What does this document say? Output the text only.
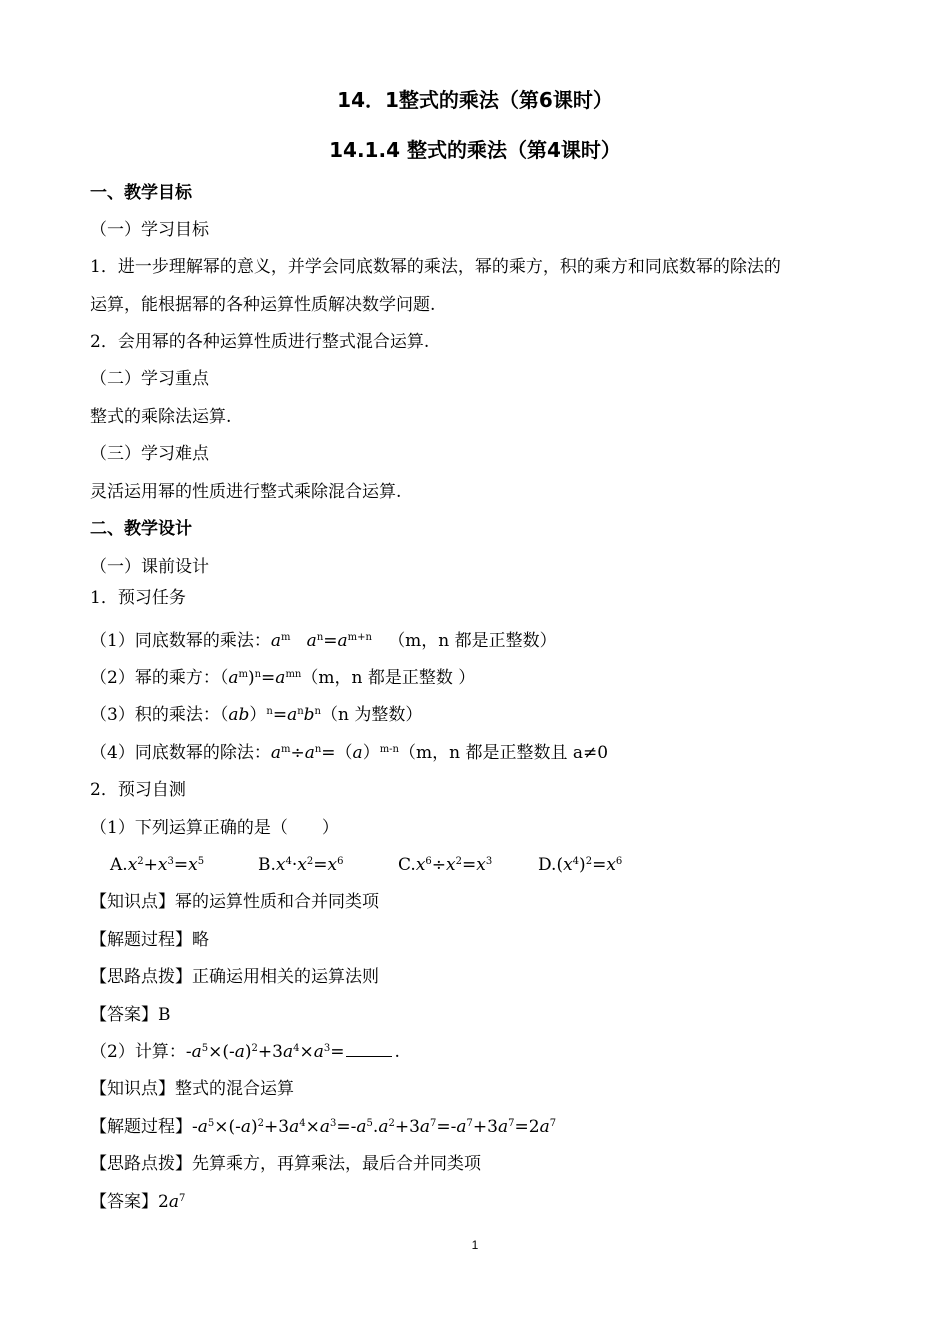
14．1整式的乘法（第6课时）
14.1.4 整式的乘法（第4课时）
一、教学目标
（一）学习目标
1．进一步理解幂的意义，并学会同底数幂的乘法，幂的乘方，积的乘方和同底数幂的除法的
运算，能根据幂的各种运算性质解决数学问题.
2．会用幂的各种运算性质进行整式混合运算.
（二）学习重点
整式的乘除法运算.
（三）学习难点
灵活运用幂的性质进行整式乘除混合运算.
二、教学设计
（一）课前设计
1．预习任务
（1）同底数幂的乘法：$a^m$ $a^n=a^{m+n}$ （m，n 都是正整数）
（2）幂的乘方：$(a^m)^n=a^{mn}(m$，n 都是正整数 ）
（3）积的乘法：$(ab)^n=a^nb^n(n$ 为整数）
（4）同底数幂的除法：$a^m\div a^n=(a)^{m-n}(m$，n 都是正整数且 a≠0
2．预习自测
（1）下列运算正确的是（　　）
$A.x^2+x^3=x^5$	$B.x^4\cdot x^2=x^6$	$C.x^6\div x^2=x^3$	$D.(x^4)^2=x^6$
【知识点】幂的运算性质和合并同类项
【解题过程】略
【思路点拨】正确运用相关的运算法则
【答案】B
（2）计算：$-a^5\times(-a)^2+3a^4\times a^3=$	.
【知识点】整式的混合运算
【解题过程】$-a^5\times(-a)^2+3a^4\times a^3=-a^5.a^2+3a^7=-a^7+3a^7=2a^7$
【思路点拨】先算乘方，再算乘法，最后合并同类项
【答案】$2a^7$
1
